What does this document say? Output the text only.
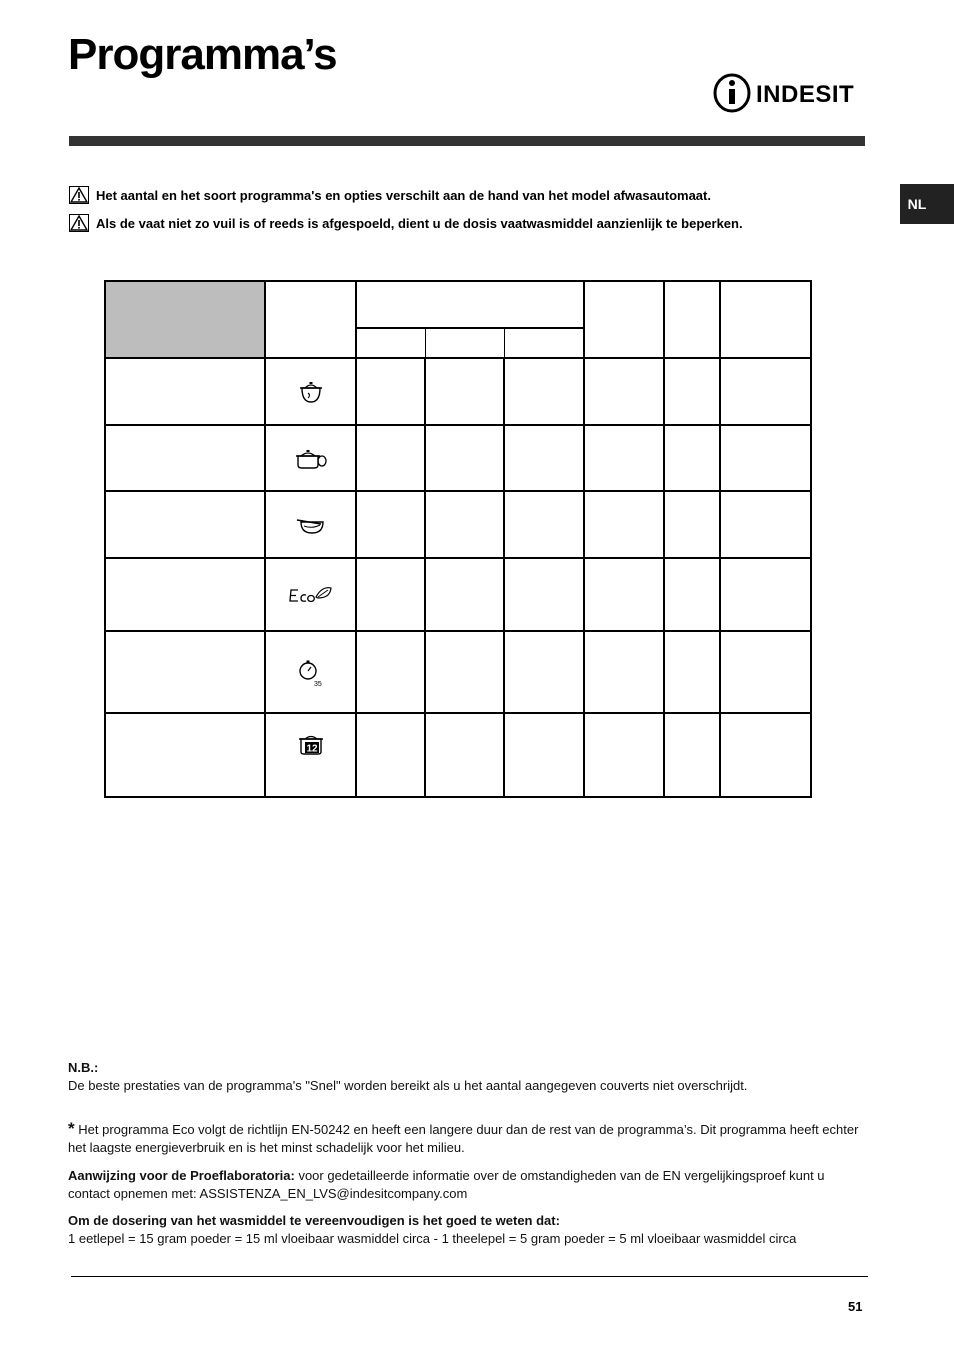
Programma’s
INDESIT
NL
Het aantal en het soort programma's en opties verschilt aan de hand van het model afwasautomaat.
Als de vaat niet zo vuil is of reeds is afgespoeld, dient u de dosis vaatwasmiddel aanzienlijk te beperken.

35						

12						

N.B.:
De beste prestaties van de programma's "Snel" worden bereikt als u het aantal aangegeven couverts niet overschrijdt.
* Het programma Eco volgt de richtlijn EN-50242 en heeft een langere duur dan de rest van de programma’s. Dit programma heeft echter het laagste energieverbruik en is het minst schadelijk voor het milieu.
Aanwijzing voor de Proeflaboratoria: voor gedetailleerde informatie over de omstandigheden van de EN vergelijkingsproef kunt u contact opnemen met: ASSISTENZA_EN_LVS@indesitcompany.com
Om de dosering van het wasmiddel te vereenvoudigen is het goed te weten dat:
1 eetlepel = 15 gram poeder = 15 ml vloeibaar wasmiddel circa - 1 theelepel = 5 gram poeder = 5 ml vloeibaar wasmiddel circa
51
